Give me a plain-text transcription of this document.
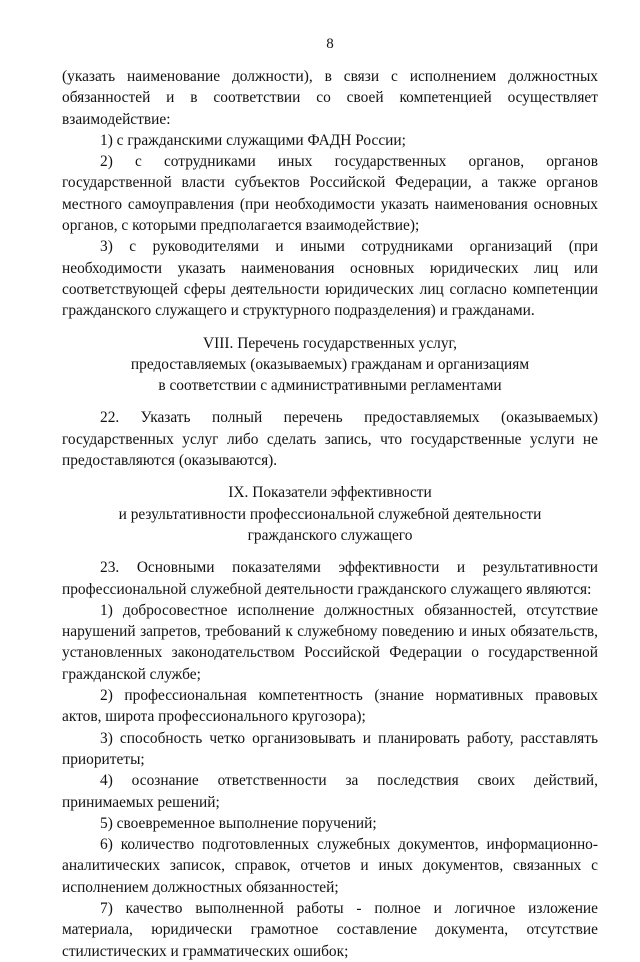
8

(указать наименование должности), в связи с исполнением должностных обязанностей и в соответствии со своей компетенцией осуществляет взаимодействие:

1) с гражданскими служащими ФАДН России;

2) с сотрудниками иных государственных органов, органов государственной власти субъектов Российской Федерации, а также органов местного самоуправления (при необходимости указать наименования основных органов, с которыми предполагается взаимодействие);

3) с руководителями и иными сотрудниками организаций (при необходимости указать наименования основных юридических лиц или соответствующей сферы деятельности юридических лиц согласно компетенции гражданского служащего и структурного подразделения) и гражданами.

VIII. Перечень государственных услуг,
предоставляемых (оказываемых) гражданам и организациям
в соответствии с административными регламентами

22. Указать полный перечень предоставляемых (оказываемых) государственных услуг либо сделать запись, что государственные услуги не предоставляются (оказываются).

IX. Показатели эффективности
и результативности профессиональной служебной деятельности
гражданского служащего

23. Основными показателями эффективности и результативности профессиональной служебной деятельности гражданского служащего являются:

1) добросовестное исполнение должностных обязанностей, отсутствие нарушений запретов, требований к служебному поведению и иных обязательств, установленных законодательством Российской Федерации о государственной гражданской службе;

2) профессиональная компетентность (знание нормативных правовых актов, широта профессионального кругозора);

3) способность четко организовывать и планировать работу, расставлять приоритеты;

4) осознание ответственности за последствия своих действий, принимаемых решений;

5) своевременное выполнение поручений;

6) количество подготовленных служебных документов, информационно-аналитических записок, справок, отчетов и иных документов, связанных с исполнением должностных обязанностей;

7) качество выполненной работы - полное и логичное изложение материала, юридически грамотное составление документа, отсутствие стилистических и грамматических ошибок;
